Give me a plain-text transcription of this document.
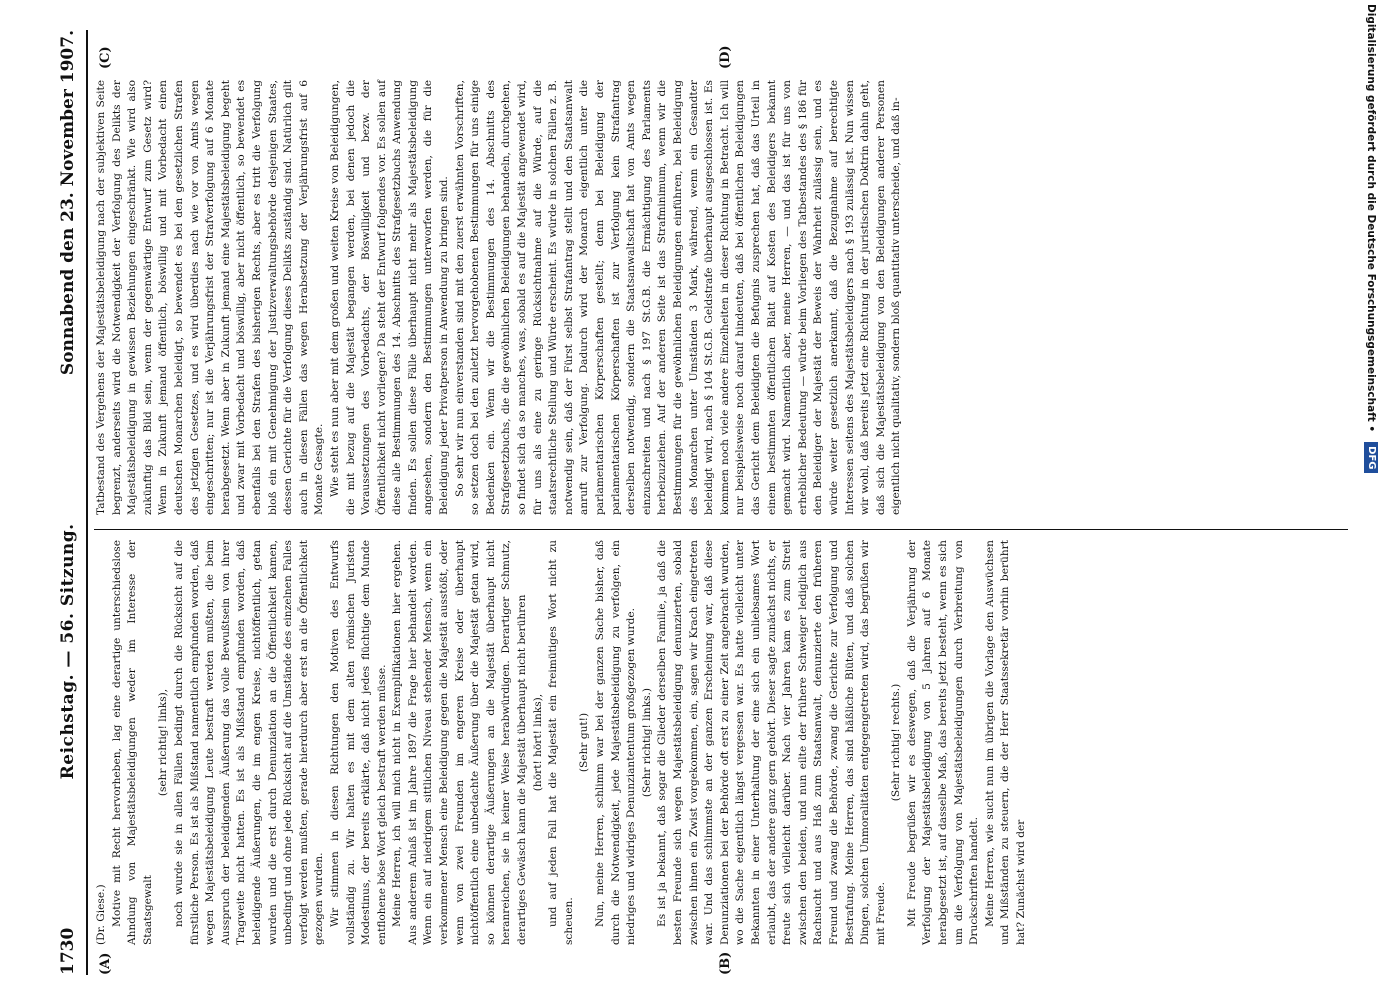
1730
Reichstag. — 56. Sitzung.
Sonnabend den 23. November 1907.
(A)	(B)
(C)	(D)

(Dr. Giese.) Motive mit Recht hervorheben, lag eine derartige unterschiedslose Ahndung von Majestätsbeleidigungen weder im Interesse der Staatsgewalt

(sehr richtig! links), noch wurde sie in allen Fällen bedingt durch die Rücksicht auf die fürstliche Person. Es ist als Mißstand namentlich empfunden worden, daß wegen Majestätsbeleidigung Leute bestraft werden mußten, die beim Ausspruch der beleidigenden Äußerung das volle Bewußtsein von ihrer Tragweite nicht hatten. Es ist als Mißstand empfunden worden, daß beleidigende Äußerungen, die im engen Kreise, nichtöffentlich, getan wurden und die erst durch Denunziation an die Öffentlichkeit kamen, unbedingt und ohne jede Rücksicht auf die Umstände des einzelnen Falles verfolgt werden mußten, gerade hierdurch aber erst an die Öffentlichkeit gezogen wurden. Wir stimmen in diesen Richtungen den Motiven des Entwurfs vollständig zu. Wir halten es mit dem alten römischen Juristen Modestinus, der bereits erklärte, daß nicht jedes flüchtige dem Munde entflohene böse Wort gleich bestraft werden müsse. Meine Herren, ich will mich nicht in Exemplifikationen hier ergehen. Aus anderem Anlaß ist im Jahre 1897 die Frage hier behandelt worden. Wenn ein auf niedrigem sittlichen Niveau stehender Mensch, wenn ein verkommener Mensch eine Beleidigung gegen die Majestät ausstößt, oder wenn von zwei Freunden im engeren Kreise oder überhaupt nichtöffentlich eine unbedachte Äußerung über die Majestät getan wird, so können derartige Äußerungen an die Majestät überhaupt nicht heranreichen, sie in keiner Weise herabwürdigen. Derartiger Schmutz, derartiges Gewäsch kann die Majestät überhaupt nicht berühren (hört! hört! links), und auf jeden Fall hat die Majestät ein freimütiges Wort nicht zu scheuen.

(Sehr gut!) Nun, meine Herren, schlimm war bei der ganzen Sache bisher, daß durch die Notwendigkeit, jede Majestätsbeleidigung zu verfolgen, ein niedriges und widriges Denunziantentum großgezogen wurde. (Sehr richtig! links.) Es ist ja bekannt, daß sogar die Glieder derselben Familie, ja daß die besten Freunde sich wegen Majestätsbeleidigung denunzierten, sobald zwischen ihnen ein Zwist vorgekommen, ein, sagen wir Krach eingetreten war. Und das schlimmste an der ganzen Erscheinung war, daß diese Denunziationen bei der Behörde oft erst zu einer Zeit angebracht wurden, wo die Sache eigentlich längst vergessen war. Es hatte vielleicht unter Bekannten in einer Unterhaltung der eine sich ein unliebsames Wort erlaubt, das der andere ganz gern gehört. Dieser sagte zunächst nichts, er freute sich vielleicht darüber. Nach vier Jahren kam es zum Streit zwischen den beiden, und nun eilte der frühere Schweiger lediglich aus Rachsucht und aus Haß zum Staatsanwalt, denunzierte den früheren Freund und zwang die Behörde, zwang die Gerichte zur Verfolgung und Bestrafung. Meine Herren, das sind häßliche Blüten, und daß solchen Dingen, solchen Unmoralitäten entgegengetreten wird, das begrüßen wir mit Freude.

(Sehr richtig! rechts.) Mit Freude begrüßen wir es deswegen, daß die Verjährung der Verfolgung der Majestätsbeleidigung von 5 Jahren auf 6 Monate herabgesetzt ist, auf dasselbe Maß, das bereits jetzt besteht, wenn es sich um die Verfolgung von Majestätsbeleidigungen durch Verbreitung von Druckschriften handelt. Meine Herren, wie sucht nun im übrigen die Vorlage den Auswüchsen und Mißständen zu steuern, die der Herr Staatssekretär vorhin berührt hat? Zunächst wird der

Tatbestand des Vergehens der Majestätsbeleidigung nach der subjektiven Seite begrenzt, anderseits wird die Notwendigkeit der Verfolgung des Delikts der Majestätsbeleidigung in gewissen Beziehungen eingeschränkt. Wie wird also zukünftig das Bild sein, wenn der gegenwärtige Entwurf zum Gesetz wird? Wenn in Zukunft jemand öffentlich, böswillig und mit Vorbedacht einen deutschen Monarchen beleidigt, so bewendet es bei den gesetzlichen Strafen des jetzigen Gesetzes, und es wird überdies nach wie vor von Amts wegen eingeschritten; nur ist die Verjährungsfrist der Strafverfolgung auf 6 Monate herabgesetzt. Wenn aber in Zukunft jemand eine Majestätsbeleidigung begeht und zwar mit Vorbedacht und böswillig, aber nicht öffentlich, so bewendet es ebenfalls bei den Strafen des bisherigen Rechts, aber es tritt die Verfolgung bloß ein mit Genehmigung der Justizverwaltungsbehörde desjenigen Staates, dessen Gerichte für die Verfolgung dieses Delikts zuständig sind. Natürlich gilt auch in diesen Fällen das wegen Herabsetzung der Verjährungsfrist auf 6 Monate Gesagte. Wie steht es nun aber mit dem großen und weiten Kreise von Beleidigungen, die mit bezug auf die Majestät begangen werden, bei denen jedoch die Voraussetzungen des Vorbedachts, der Böswilligkeit und bezw. der Öffentlichkeit nicht vorliegen? Da steht der Entwurf folgendes vor. Es sollen auf diese alle Bestimmungen des 14. Abschnitts des Strafgesetzbuchs Anwendung finden. Es sollen diese Fälle überhaupt nicht mehr als Majestätsbeleidigung angesehen, sondern den Bestimmungen unterworfen werden, die für die Beleidigung jeder Privatperson in Anwendung zu bringen sind. So sehr wir nun einverstanden sind mit den zuerst erwähnten Vorschriften, so setzen doch bei den zuletzt hervorgehobenen Bestimmungen für uns einige Bedenken ein. Wenn wir die Bestimmungen des 14. Abschnitts des Strafgesetzbuchs, die die gewöhnlichen Beleidigungen behandeln, durchgehen, so findet sich da so manches, was, sobald es auf die Majestät angewendet wird, für uns als eine zu geringe Rücksichtnahme auf die Würde, auf die staatsrechtliche Stellung und Würde erscheint. Es würde in solchen Fällen z. B. notwendig sein, daß der Fürst selbst Strafantrag stellt und den Staatsanwalt anruft zur Verfolgung. Dadurch wird der Monarch eigentlich unter die parlamentarischen Körperschaften gestellt; denn bei Beleidigung der parlamentarischen Körperschaften ist zur Verfolgung kein Strafantrag derselben notwendig, sondern die Staatsanwaltschaft hat von Amts wegen einzuschreiten und nach § 197 St.G.B. die Ermächtigung des Parlaments herbeizuziehen. Auf der anderen Seite ist das Strafminimum, wenn wir die Bestimmungen für die gewöhnlichen Beleidigungen einführen, bei Beleidigung des Monarchen unter Umständen 3 Mark, während, wenn ein Gesandter beleidigt wird, nach § 104 St.G.B. Geldstrafe überhaupt ausgeschlossen ist. Es kommen noch viele andere Einzelheiten in dieser Richtung in Betracht. Ich will nur beispielsweise noch darauf hindeuten, daß bei öffentlichen Beleidigungen das Gericht dem Beleidigten die Befugnis zusprechen hat, daß das Urteil in einem bestimmten öffentlichen Blatt auf Kosten des Beleidigers bekannt gemacht wird. Namentlich aber, meine Herren, — und das ist für uns von erheblicher Bedeutung — würde beim Vorliegen des Tatbestandes des § 186 für den Beleidiger der Majestät der Beweis der Wahrheit zulässig sein, und es würde weiter gesetzlich anerkannt, daß die Bezugnahme auf berechtigte Interessen seitens des Majestätsbeleidigers nach § 193 zulässig ist. Nun wissen wir wohl, daß bereits jetzt eine Richtung in der juristischen Doktrin dahin geht, daß sich die Majestätsbeleidigung von den Beleidigungen anderer Personen eigentlich nicht qualitativ, sondern bloß quantitativ unterscheide, und daß in-	Digitalisierung gefördert durch die Deutsche Forschungsgemeinschaft •
DFG
